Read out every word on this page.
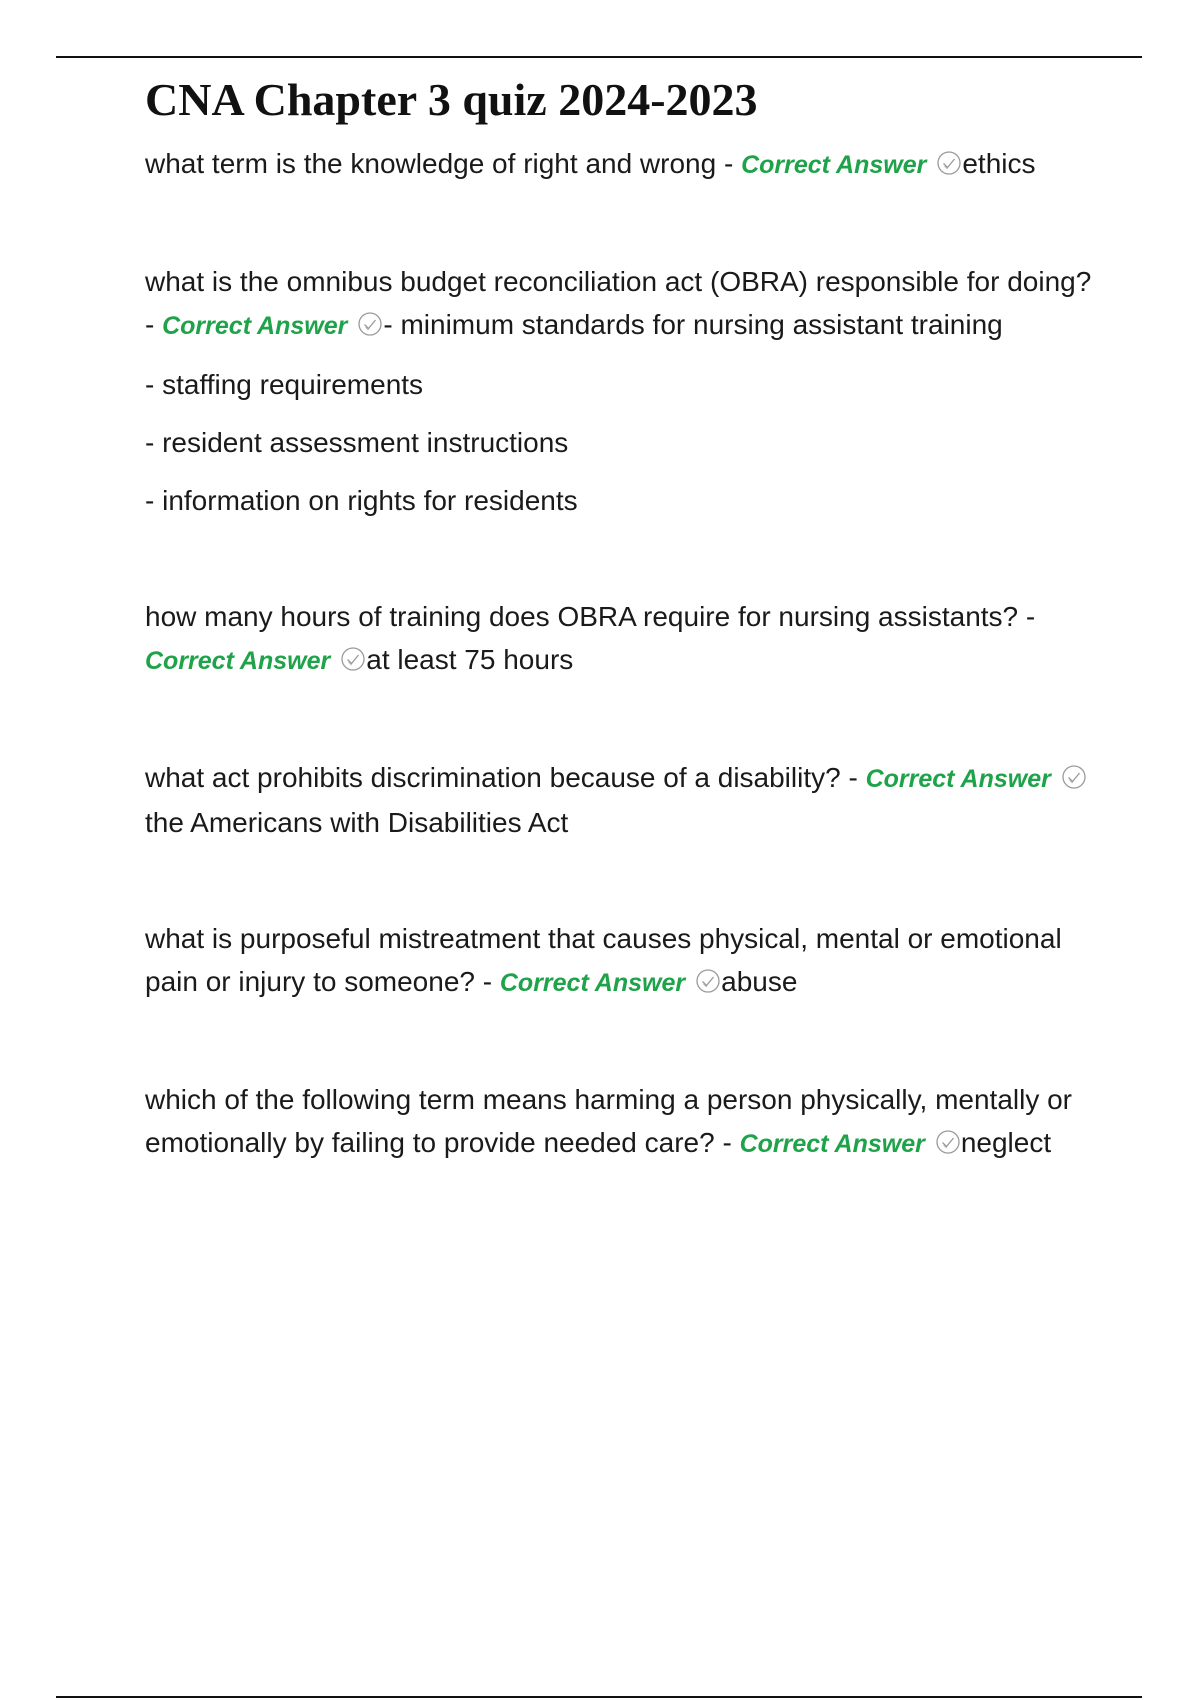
CNA Chapter 3 quiz 2024-2023

what term is the knowledge of right and wrong - Correct Answer ethics

what is the omnibus budget reconciliation act (OBRA) responsible for doing? - Correct Answer - minimum standards for nursing assistant training

- staffing requirements

- resident assessment instructions

- information on rights for residents

how many hours of training does OBRA require for nursing assistants? - Correct Answer at least 75 hours

what act prohibits discrimination because of a disability? - Correct Answer
the Americans with Disabilities Act

what is purposeful mistreatment that causes physical, mental or emotional pain or injury to someone? - Correct Answer abuse

which of the following term means harming a person physically, mentally or emotionally by failing to provide needed care? - Correct Answer neglect
